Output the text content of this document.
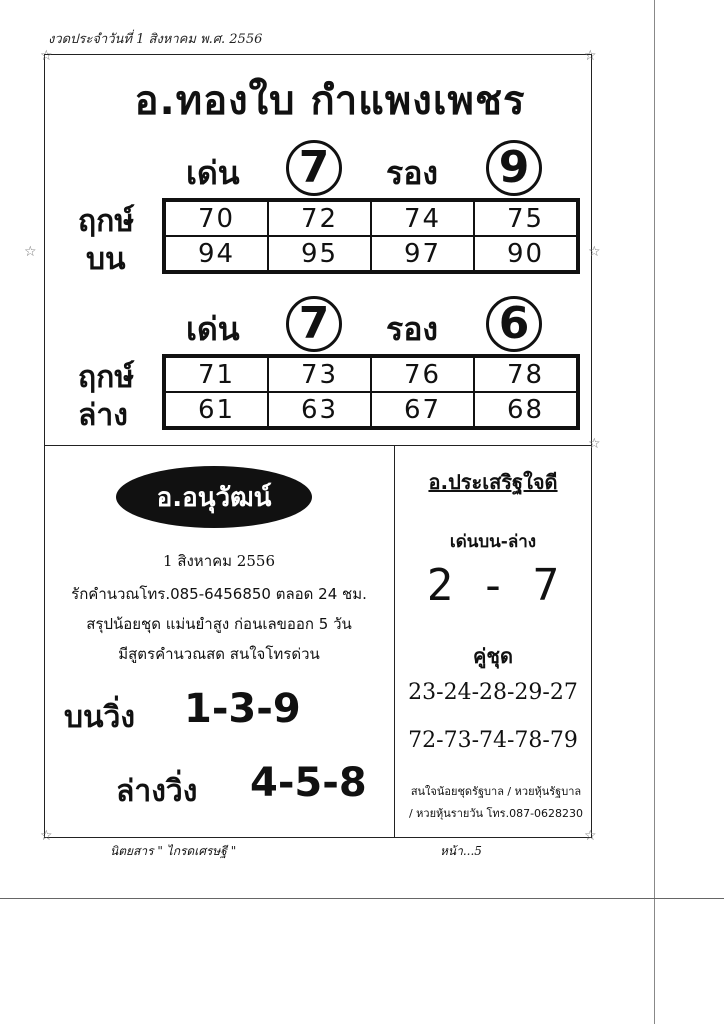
งวดประจำวันที่ 1 สิงหาคม พ.ศ. 2556
☆	☆
☆	☆
☆
☆	☆
อ.ทองใบ กำแพงเพชร
เด่น 7	รอง 9
ฤกษ์
บน
70	72	74	75
94	95	97	90
เด่น 7	รอง 6
ฤกษ์
ล่าง
71	73	76	78
61	63	67	68
อ.อนุวัฒน์
1 สิงหาคม 2556
รักคำนวณโทร.085-6456850 ตลอด 24 ชม.
สรุปน้อยชุด แม่นยำสูง ก่อนเลขออก 5 วัน
มีสูตรคำนวณสด สนใจโทรด่วน
บนวิ่ง 1-3-9
ล่างวิ่ง 4-5-8
อ.ประเสริฐใจดี
เด่นบน-ล่าง
2 - 7
คู่ชุด
23-24-28-29-27
72-73-74-78-79
สนใจน้อยชุดรัฐบาล / หวยหุ้นรัฐบาล
/ หวยหุ้นรายวัน โทร.087-0628230
นิตยสาร " ไกรดเศรษฐี "	หน้า...5
